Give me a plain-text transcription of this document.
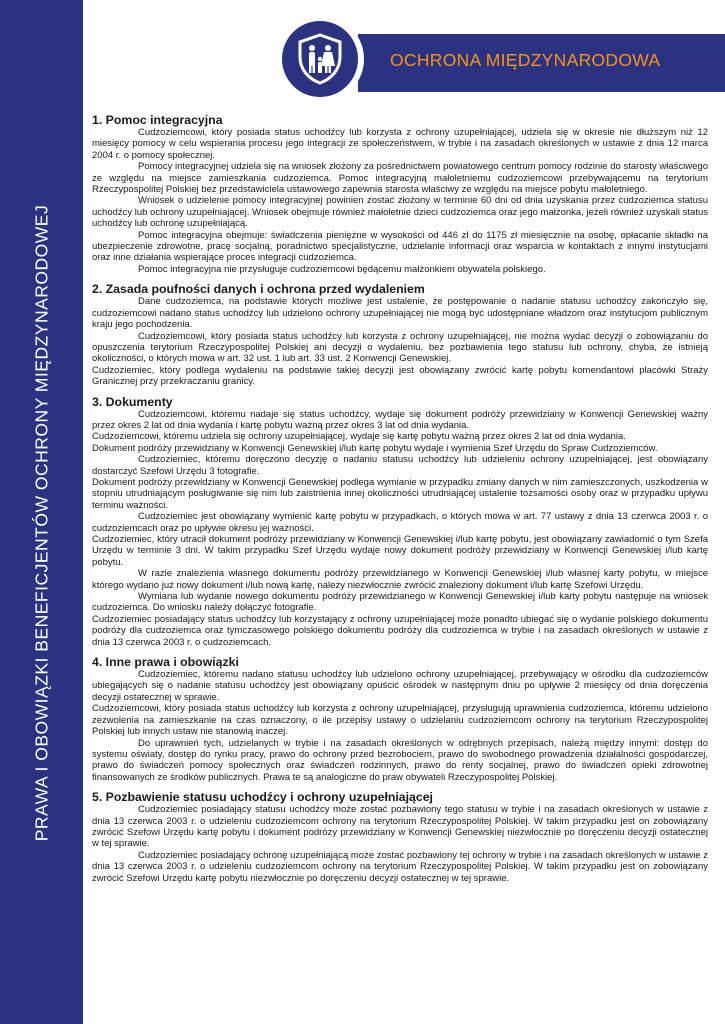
PRAWA I OBOWIĄZKI BENEFICJENTÓW OCHRONY MIĘDZYNARODOWEJ
OCHRONA MIĘDZYNARODOWA
1. Pomoc integracyjna

Cudzoziemcowi, który posiada status uchodźcy lub korzysta z ochrony uzupełniającej, udziela się w okresie nie dłuższym niż 12 miesięcy pomocy w celu wspierania procesu jego integracji ze społeczeństwem, w trybie i na zasadach określonych w ustawie z dnia 12 marca 2004 r. o pomocy społecznej.

Pomocy integracyjnej udziela się na wniosek złożony za pośrednictwem powiatowego centrum pomocy rodzinie do starosty właściwego ze względu na miejsce zamieszkania cudzoziemca. Pomoc integracyjną małoletniemu cudzoziemcowi przebywającemu na terytorium Rzeczypospolitej Polskiej bez przedstawiciela ustawowego zapewnia starosta właściwy ze względu na miejsce pobytu małoletniego.

Wniosek o udzielenie pomocy integracyjnej powinien zostać złożony w terminie 60 dni od dnia uzyskania przez cudzoziemca statusu uchodźcy lub ochrony uzupełniającej. Wniosek obejmuje również małoletnie dzieci cudzoziemca oraz jego małżonka, jeżeli również uzyskali status uchodźcy lub ochronę uzupełniającą.

Pomoc integracyjna obejmuje: świadczenia pieniężne w wysokości od 446 zł do 1175 zł miesięcznie na osobę, opłacanie składki na ubezpieczenie zdrowotne, pracę socjalną, poradnictwo specjalistyczne, udzielanie informacji oraz wsparcia w kontaktach z innymi instytucjami oraz inne działania wspierające proces integracji cudzoziemca.

Pomoc integracyjna nie przysługuje cudzoziemcowi będącemu małżonkiem obywatela polskiego.

2. Zasada poufności danych i ochrona przed wydaleniem

Dane cudzoziemca, na podstawie których możliwe jest ustalenie, że postępowanie o nadanie statusu uchodźcy zakończyło się, cudzoziemcowi nadano status uchodźcy lub udzielono ochrony uzupełniającej nie mogą być udostępniane władzom oraz instytucjom publicznym kraju jego pochodzenia.

Cudzoziemcowi, który posiada status uchodźcy lub korzysta z ochrony uzupełniającej, nie można wydać decyzji o zobowiązaniu do opuszczenia terytorium Rzeczypospolitej Polskiej ani decyzji o wydaleniu, bez pozbawienia tego statusu lub ochrony, chyba, że istnieją okoliczności, o których mowa w art. 32 ust. 1 lub art. 33 ust. 2 Konwencji Genewskiej.

Cudzoziemiec, który podlega wydaleniu na podstawie takiej decyzji jest obowiązany zwrócić kartę pobytu komendantowi placówki Straży Granicznej przy przekraczaniu granicy.

3. Dokumenty

Cudzoziemcowi, któremu nadaje się status uchodźcy, wydaje się dokument podróży przewidziany w Konwencji Genewskiej ważny przez okres 2 lat od dnia wydania i kartę pobytu ważną przez okres 3 lat od dnia wydania.

Cudzoziemcowi, któremu udziela się ochrony uzupełniającej, wydaje się kartę pobytu ważną przez okres 2 lat od dnia wydania.

Dokument podróży przewidziany w Konwencji Genewskiej i/lub kartę pobytu wydaje i wymienia Szef Urzędu do Spraw Cudzoziemców.

Cudzoziemiec, któremu doręczono decyzję o nadaniu statusu uchodźcy lub udzieleniu ochrony uzupełniającej, jest obowiązany dostarczyć Szefowi Urzędu 3 fotografie.

Dokument podróży przewidziany w Konwencji Genewskiej podlega wymianie w przypadku zmiany danych w nim zamieszczonych, uszkodzenia w stopniu utrudniającym posługiwanie się nim lub zaistnienia innej okoliczności utrudniającej ustalenie tożsamości osoby oraz w przypadku upływu terminu ważności.

Cudzoziemiec jest obowiązany wymienić kartę pobytu w przypadkach, o których mowa w art. 77 ustawy z dnia 13 czerwca 2003 r. o cudzoziemcach oraz po upływie okresu jej ważności.

Cudzoziemiec, który utracił dokument podróży przewidziany w Konwencji Genewskiej i/lub kartę pobytu, jest obowiązany zawiadomić o tym Szefa Urzędu w terminie 3 dni. W takim przypadku Szef Urzędu wydaje nowy dokument podróży przewidziany w Konwencji Genewskiej i/lub kartę pobytu.

W razie znalezienia własnego dokumentu podróży przewidzianego w Konwencji Genewskiej i/lub własnej karty pobytu, w miejsce którego wydano już nowy dokument i/lub nową kartę, należy niezwłocznie zwrócić znaleziony dokument i/lub kartę Szefowi Urzędu.

Wymiana lub wydanie nowego dokumentu podróży przewidzianego w Konwencji Genewskiej i/lub karty pobytu następuje na wniosek cudzoziemca. Do wniosku należy dołączyć fotografie.

Cudzoziemiec posiadający status uchodźcy lub korzystający z ochrony uzupełniającej może ponadto ubiegać się o wydanie polskiego dokumentu podróży dla cudzoziemca oraz tymczasowego polskiego dokumentu podróży dla cudzoziemca w trybie i na zasadach określonych w ustawie z dnia 13 czerwca 2003 r. o cudzoziemcach.

4. Inne prawa i obowiązki

Cudzoziemiec, któremu nadano statusu uchodźcy lub udzielono ochrony uzupełniającej, przebywający w ośrodku dla cudzoziemców ubiegających się o nadanie statusu uchodźcy jest obowiązany opuścić ośrodek w następnym dniu po upływie 2 miesięcy od dnia doręczenia decyzji ostatecznej w sprawie.

Cudzoziemcowi, który posiada status uchodźcy lub korzysta z ochrony uzupełniającej, przysługują uprawnienia cudzoziemca, któremu udzielono zezwolenia na zamieszkanie na czas oznaczony, o ile przepisy ustawy o udzielaniu cudzoziemcom ochrony na terytorium Rzeczypospolitej Polskiej lub innych ustaw nie stanowią inaczej.

Do uprawnień tych, udzielanych w trybie i na zasadach określonych w odrębnych przepisach, należą między innymi: dostęp do systemu oświaty, dostęp do rynku pracy, prawo do ochrony przed bezrobociem, prawo do swobodnego prowadzenia działalności gospodarczej, prawo do świadczeń pomocy społecznych oraz świadczeń rodzinnych, prawo do renty socjalnej, prawo do świadczeń opieki zdrowotnej finansowanych ze środków publicznych. Prawa te są analogiczne do praw obywateli Rzeczypospolitej Polskiej.

5. Pozbawienie statusu uchodźcy i ochrony uzupełniającej

Cudzoziemiec posiadający statusu uchodźcy może zostać pozbawiony tego statusu w trybie i na zasadach określonych w ustawie z dnia 13 czerwca 2003 r. o udzieleniu cudzoziemcom ochrony na terytorium Rzeczypospolitej Polskiej. W takim przypadku jest on zobowiązany zwrócić Szefowi Urzędu kartę pobytu i dokument podróży przewidziany w Konwencji Genewskiej niezwłocznie po doręczeniu decyzji ostatecznej w tej sprawie.

Cudzoziemiec posiadający ochronę uzupełniającą może zostać pozbawiony tej ochrony w trybie i na zasadach określonych w ustawie z dnia 13 czerwca 2003 r. o udzieleniu cudzoziemcom ochrony na terytorium Rzeczypospolitej Polskiej. W takim przypadku jest on zobowiązany zwrócić Szefowi Urzędu kartę pobytu niezwłocznie po doręczeniu decyzji ostatecznej w tej sprawie.
